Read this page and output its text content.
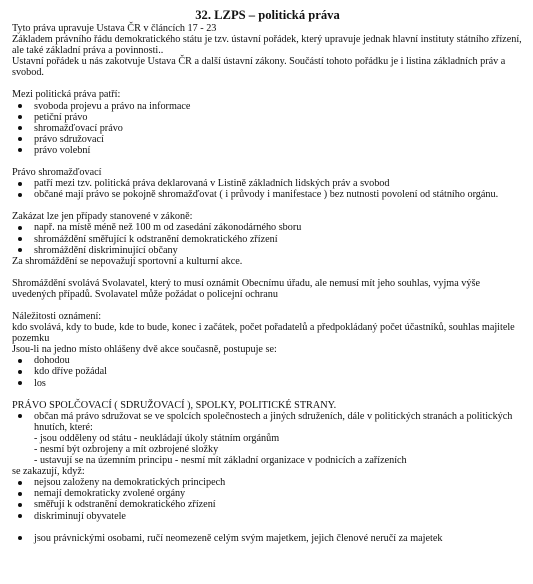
32. LZPS – politická práva

Tyto práva upravuje Ustava ČR v článcích 17 - 23

Základem právního řádu demokratického státu je tzv. ústavní pořádek, který upravuje jednak hlavní instituty státního zřízení, ale také základní práva a povinnosti..

Ustavní pořádek u nás zakotvuje Ustava ČR a další ústavní zákony. Součástí tohoto pořádku je i listina základních práv a svobod.

Mezi politická práva patří:

svoboda projevu a právo na informace
petiční právo
shromažďovací právo
právo sdružovací
právo volební

Právo shromažďovací

patří mezi tzv. politická práva deklarovaná v Listině základních lidských práv a svobod
občané mají právo se pokojně shromažďovat ( i průvody i manifestace ) bez nutnosti povolení od státního orgánu.

Zakázat lze jen případy stanovené v zákoně:

např. na místě méně než 100 m od zasedání zákonodárného sboru
shromáždění směřující k odstranění demokratického zřízení
shromáždění diskriminující občany

Za shromáždění se nepovažují sportovní a kulturní akce.

Shromáždění svolává Svolavatel, který to musí oznámit Obecnímu úřadu, ale nemusí mít jeho souhlas, vyjma výše uvedených případů. Svolavatel může požádat o policejní ochranu

Náležitosti oznámení:

kdo svolává, kdy to bude, kde to bude, konec i začátek, počet pořadatelů a předpokládaný počet účastníků, souhlas majitele pozemku

Jsou-li na jedno místo ohlášeny dvě akce současně, postupuje se:

dohodou
kdo dříve požádal
los

PRÁVO SPOLČOVACÍ ( SDRUŽOVACÍ ), SPOLKY, POLITICKÉ STRANY.

občan má právo sdružovat se ve spolcích společnostech a jiných sdruženích, dále v politických stranách a politických hnutích, které:

- jsou odděleny od státu - neukládají úkoly státním orgánům

- nesmí být ozbrojeny a mít ozbrojené složky

- ustavují se na územním principu - nesmí mít základní organizace v podnicích a zařízeních

se zakazují, když:

nejsou založeny na demokratických principech
nemají demokraticky zvolené orgány
směřují k odstranění demokratického zřízení
diskriminují obyvatele
jsou právnickými osobami, ručí neomezeně celým svým majetkem, jejich členové neručí za majetek
